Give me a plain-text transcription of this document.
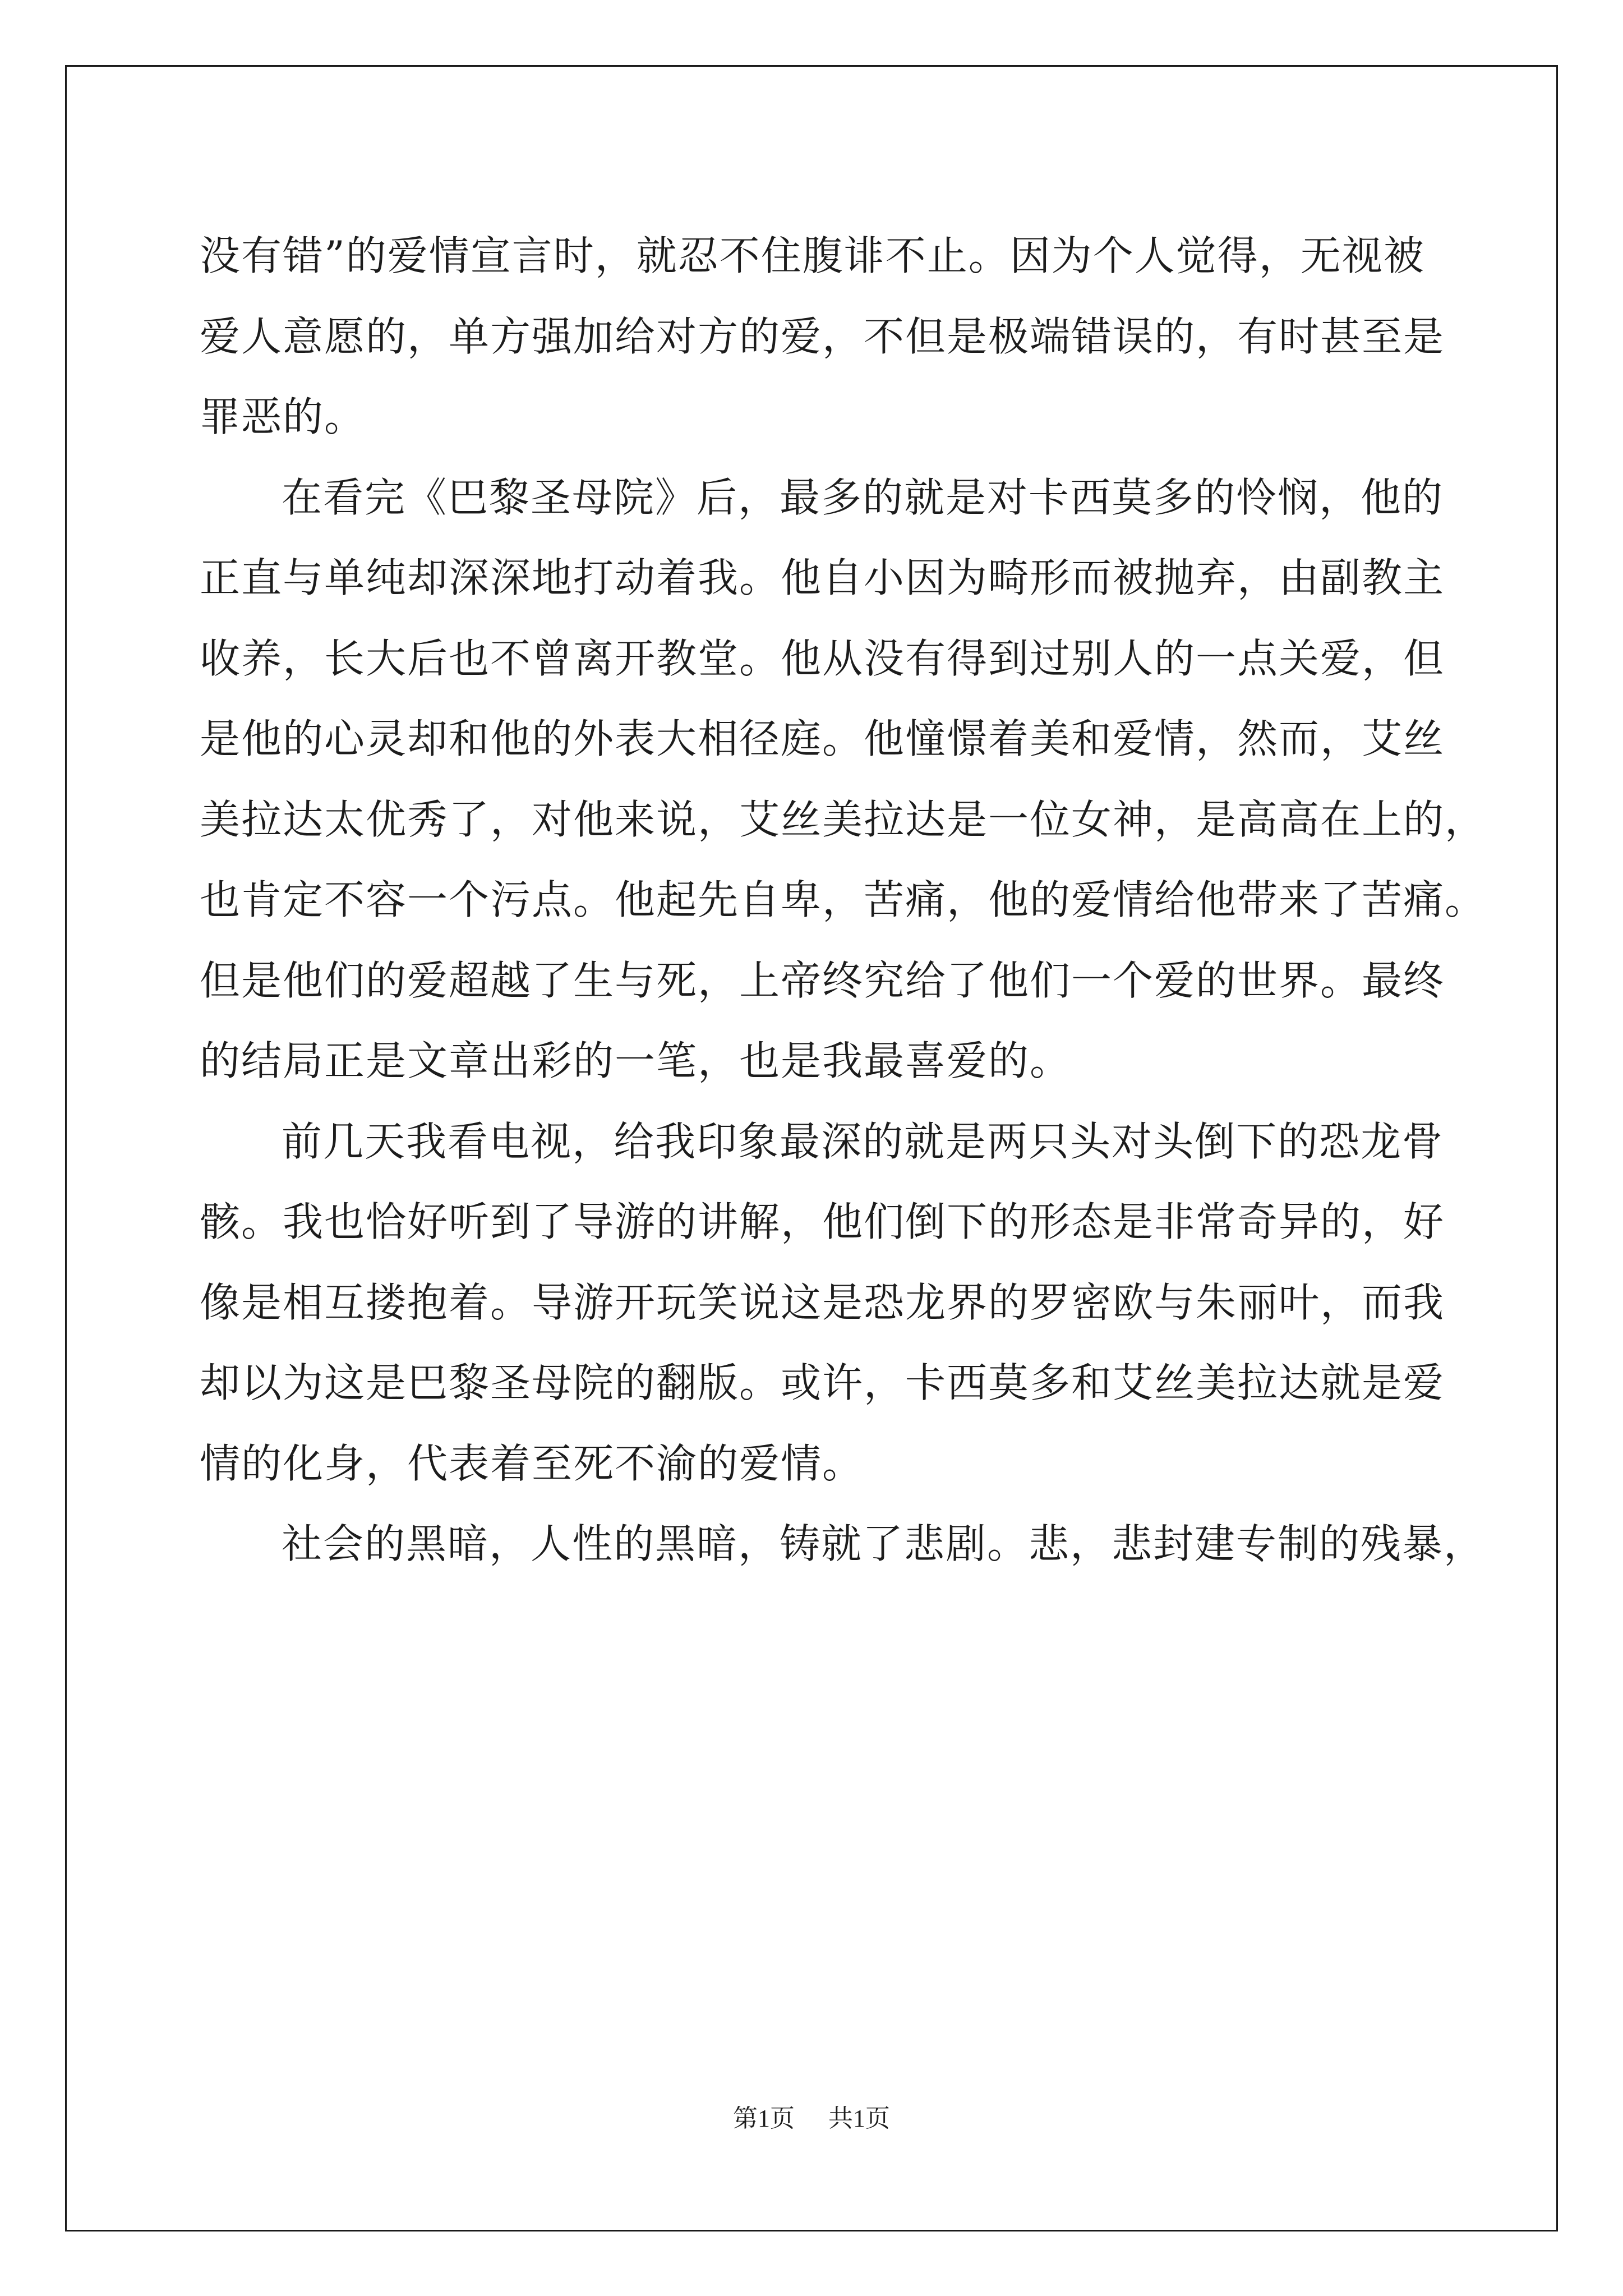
没有错”的爱情宣言时，就忍不住腹诽不止。因为个人觉得，无视被
爱人意愿的，单方强加给对方的爱，不但是极端错误的，有时甚至是
罪恶的。
在看完《巴黎圣母院》后，最多的就是对卡西莫多的怜悯，他的
正直与单纯却深深地打动着我。他自小因为畸形而被抛弃，由副教主
收养，长大后也不曾离开教堂。他从没有得到过别人的一点关爱，但
是他的心灵却和他的外表大相径庭。他憧憬着美和爱情，然而，艾丝
美拉达太优秀了，对他来说，艾丝美拉达是一位女神，是高高在上的，
也肯定不容一个污点。他起先自卑，苦痛，他的爱情给他带来了苦痛。
但是他们的爱超越了生与死，上帝终究给了他们一个爱的世界。最终
的结局正是文章出彩的一笔，也是我最喜爱的。
前几天我看电视，给我印象最深的就是两只头对头倒下的恐龙骨
骸。我也恰好听到了导游的讲解，他们倒下的形态是非常奇异的，好
像是相互搂抱着。导游开玩笑说这是恐龙界的罗密欧与朱丽叶，而我
却以为这是巴黎圣母院的翻版。或许，卡西莫多和艾丝美拉达就是爱
情的化身，代表着至死不渝的爱情。
社会的黑暗，人性的黑暗，铸就了悲剧。悲，悲封建专制的残暴，
第1页 共1页
